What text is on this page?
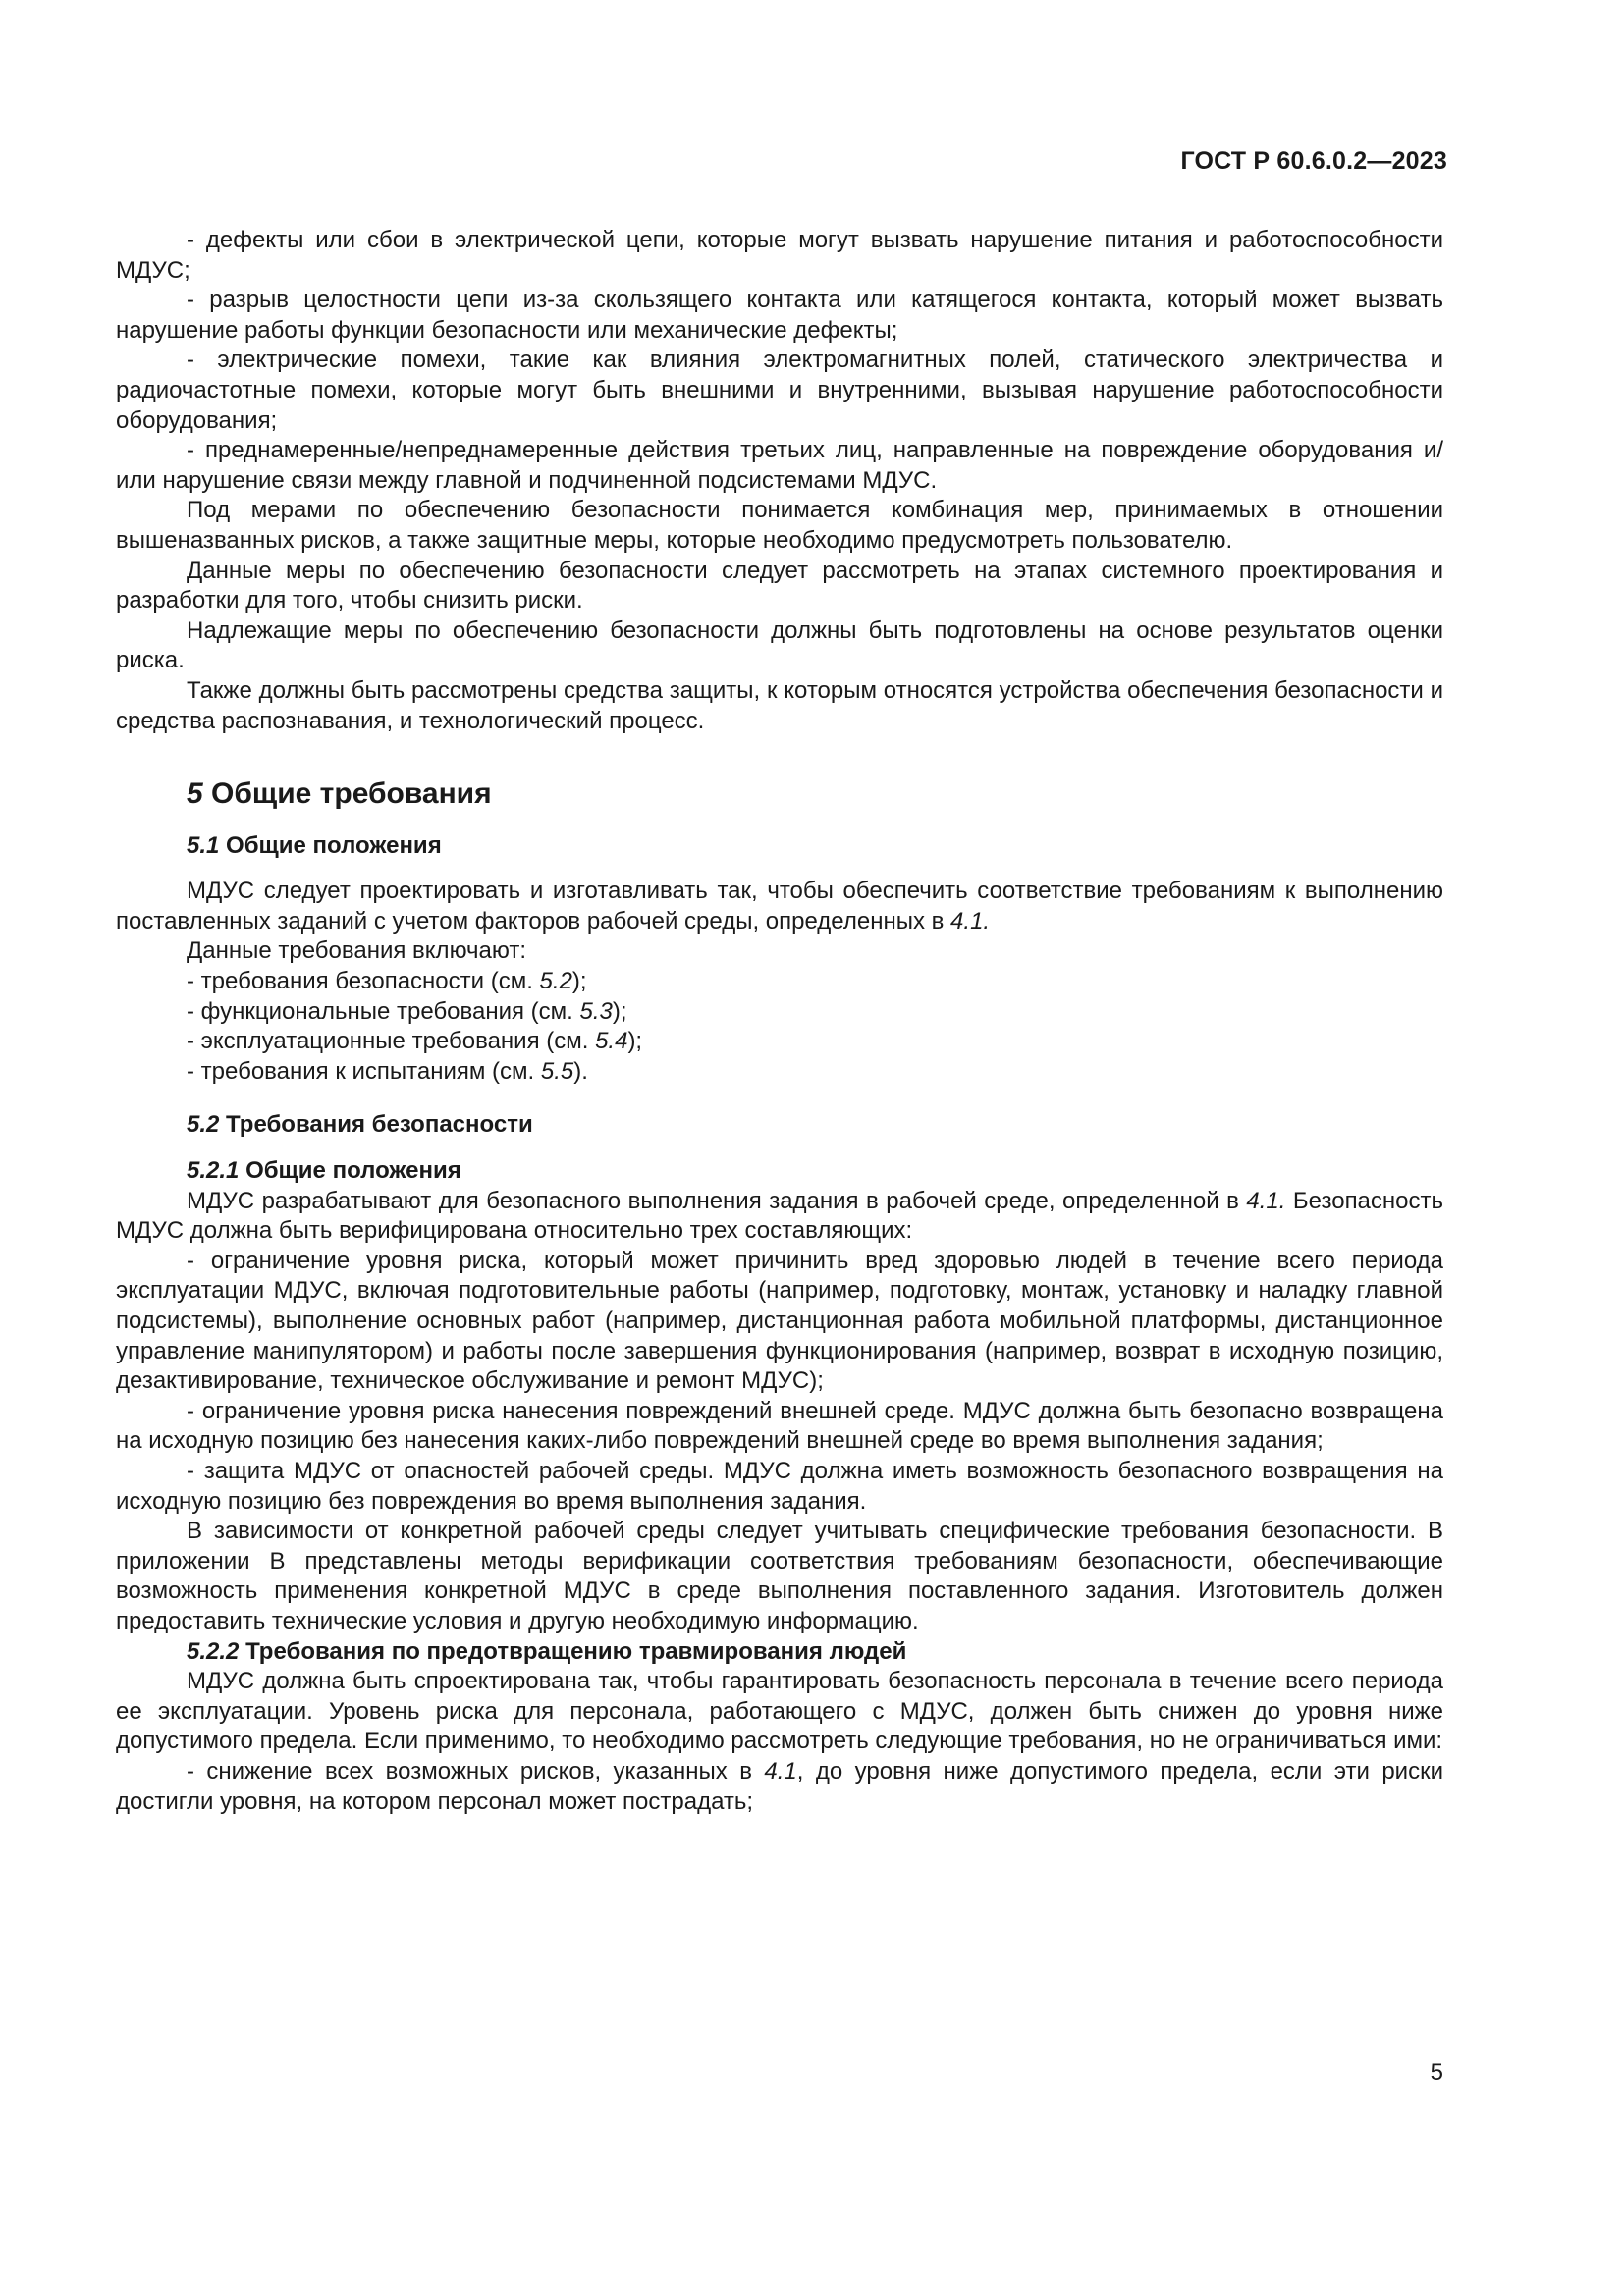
ГОСТ Р 60.6.0.2—2023

- дефекты или сбои в электрической цепи, которые могут вызвать нарушение питания и работоспособности МДУС;

- разрыв целостности цепи из-за скользящего контакта или катящегося контакта, который может вызвать нарушение работы функции безопасности или механические дефекты;

- электрические помехи, такие как влияния электромагнитных полей, статического электричества и радиочастотные помехи, которые могут быть внешними и внутренними, вызывая нарушение работоспособности оборудования;

- преднамеренные/непреднамеренные действия третьих лиц, направленные на повреждение оборудования и/или нарушение связи между главной и подчиненной подсистемами МДУС.

Под мерами по обеспечению безопасности понимается комбинация мер, принимаемых в отношении вышеназванных рисков, а также защитные меры, которые необходимо предусмотреть пользователю.

Данные меры по обеспечению безопасности следует рассмотреть на этапах системного проектирования и разработки для того, чтобы снизить риски.

Надлежащие меры по обеспечению безопасности должны быть подготовлены на основе результатов оценки риска.

Также должны быть рассмотрены средства защиты, к которым относятся устройства обеспечения безопасности и средства распознавания, и технологический процесс.

5 Общие требования
5.1 Общие положения

МДУС следует проектировать и изготавливать так, чтобы обеспечить соответствие требованиям к выполнению поставленных заданий с учетом факторов рабочей среды, определенных в 4.1.

Данные требования включают:

- требования безопасности (см. 5.2);

- функциональные требования (см. 5.3);

- эксплуатационные требования (см. 5.4);

- требования к испытаниям (см. 5.5).

5.2 Требования безопасности
5.2.1 Общие положения

МДУС разрабатывают для безопасного выполнения задания в рабочей среде, определенной в 4.1. Безопасность МДУС должна быть верифицирована относительно трех составляющих:

- ограничение уровня риска, который может причинить вред здоровью людей в течение всего периода эксплуатации МДУС, включая подготовительные работы (например, подготовку, монтаж, установку и наладку главной подсистемы), выполнение основных работ (например, дистанционная работа мобильной платформы, дистанционное управление манипулятором) и работы после завершения функционирования (например, возврат в исходную позицию, дезактивирование, техническое обслуживание и ремонт МДУС);

- ограничение уровня риска нанесения повреждений внешней среде. МДУС должна быть безопасно возвращена на исходную позицию без нанесения каких-либо повреждений внешней среде во время выполнения задания;

- защита МДУС от опасностей рабочей среды. МДУС должна иметь возможность безопасного возвращения на исходную позицию без повреждения во время выполнения задания.

В зависимости от конкретной рабочей среды следует учитывать специфические требования безопасности. В приложении В представлены методы верификации соответствия требованиям безопасности, обеспечивающие возможность применения конкретной МДУС в среде выполнения поставленного задания. Изготовитель должен предоставить технические условия и другую необходимую информацию.

5.2.2 Требования по предотвращению травмирования людей

МДУС должна быть спроектирована так, чтобы гарантировать безопасность персонала в течение всего периода ее эксплуатации. Уровень риска для персонала, работающего с МДУС, должен быть снижен до уровня ниже допустимого предела. Если применимо, то необходимо рассмотреть следующие требования, но не ограничиваться ими:

- снижение всех возможных рисков, указанных в 4.1, до уровня ниже допустимого предела, если эти риски достигли уровня, на котором персонал может пострадать;

5
